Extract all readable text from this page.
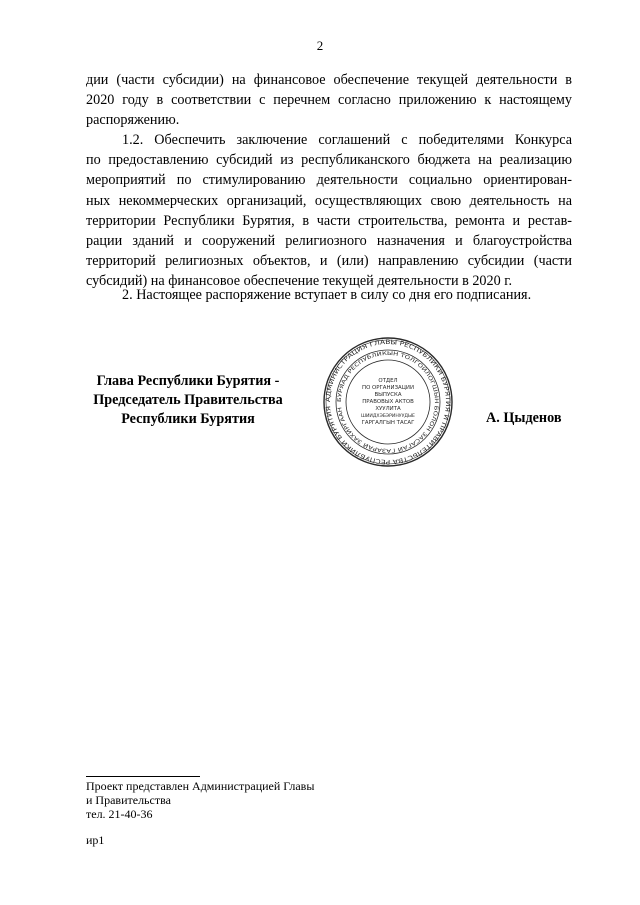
2
дии (части субсидии) на финансовое обеспечение текущей деятельности в
2020 году в соответствии с перечнем согласно приложению к настоящему
распоряжению.
1.2. Обеспечить заключение соглашений с победителями Конкурса
по предоставлению субсидий из республиканского бюджета на реализацию
мероприятий по стимулированию деятельности социально ориентирован-
ных некоммерческих организаций, осуществляющих свою деятельность на
территории Республики Бурятия, в части строительства, ремонта и рестав-
рации зданий и сооружений религиозного назначения и благоустройства
территорий религиозных объектов, и (или) направлению субсидии (части
субсидий) на финансовое обеспечение текущей деятельности в 2020 г.
2. Настоящее распоряжение вступает в силу со дня его подписания.
Глава Республики Бурятия -
Председатель Правительства
Республики Бурятия
АДМИНИСТРАЦИЯ ГЛАВЫ РЕСПУБЛИКИ БУРЯТИЯ И ПРАВИТЕЛЬСТВА РЕСПУБЛИКИ БУРЯТИЯ
БУРЯАД РЕСПУБЛИКЫН ТОЛГОЙЛОГШЫН БОЛОН ЗАСАГАЙ ГАЗАРАЙ ЗАХИРГААН
ОТДЕЛ
ПО ОРГАНИЗАЦИИ
ВЫПУСКА
ПРАВОВЫХ АКТОВ
ХУУЛИТА
ШИИДХЭБЭРИНУУДЫЕ
ГАРГАЛГЫН ТАСАГ	А. Цыденов
Проект представлен Администрацией Главы
и Правительства
тел. 21-40-36
ир1
